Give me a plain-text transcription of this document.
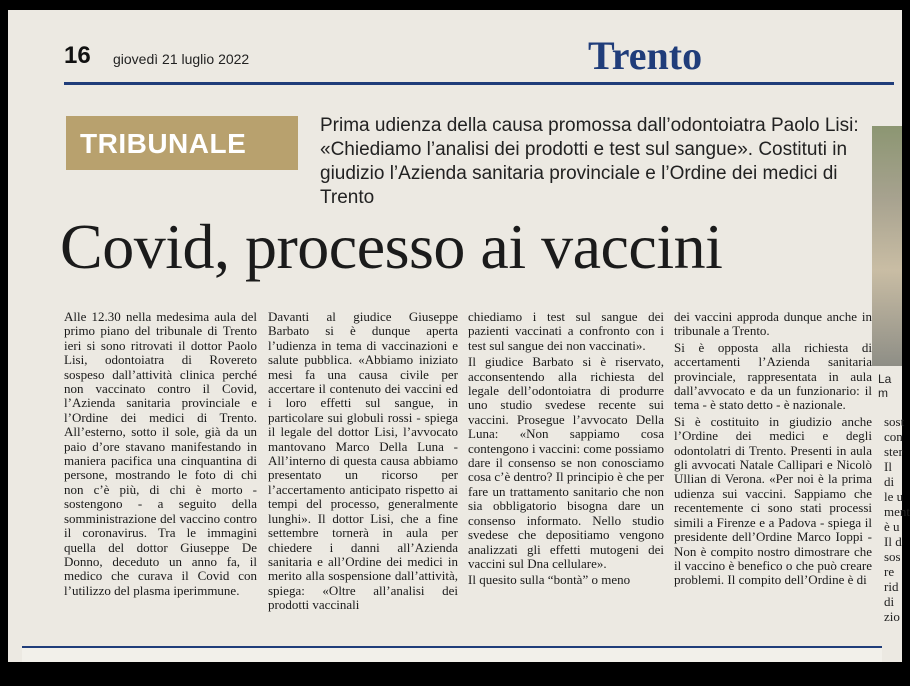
16 giovedì 21 luglio 2022	Trento
TRIBUNALE
Prima udienza della causa promossa dall’odontoiatra Paolo Lisi: «Chiediamo l’analisi dei prodotti e test sul sangue». Costituti in giudizio l’Azienda sanitaria provinciale e l’Ordine dei medici di Trento
Covid, processo ai vaccini

Alle 12.30 nella medesima aula del primo piano del tribunale di Trento ieri si sono ritrovati il dottor Paolo Lisi, odontoiatra di Rovereto sospeso dall’attività clinica perché non vaccinato contro il Covid, l’Azienda sanitaria provinciale e l’Ordine dei medici di Trento. All’esterno, sotto il sole, già da un paio d’ore stavano manifestando in maniera pacifica una cinquantina di persone, mostrando le foto di chi non c’è più, di chi è morto - sostengono - a seguito della somministrazione del vaccino contro il coronavirus. Tra le immagini quella del dottor Giuseppe De Donno, deceduto un anno fa, il medico che curava il Covid con l’utilizzo del plasma iperimmune.

Davanti al giudice Giuseppe Barbato si è dunque aperta l’udienza in tema di vaccinazioni e salute pubblica. «Abbiamo iniziato mesi fa una causa civile per accertare il contenuto dei vaccini ed i loro effetti sul sangue, in particolare sui globuli rossi - spiega il legale del dottor Lisi, l’avvocato mantovano Marco Della Luna - All’interno di questa causa abbiamo presentato un ricorso per l’accertamento anticipato rispetto ai tempi del processo, generalmente lunghi». Il dottor Lisi, che a fine settembre tornerà in aula per chiedere i danni all’Azienda sanitaria e all’Ordine dei medici in merito alla sospensione dall’attività, spiega: «Oltre all’analisi dei prodotti vaccinali

chiediamo i test sul sangue dei pazienti vaccinati a confronto con i test sul sangue dei non vaccinati».

Il giudice Barbato si è riservato, acconsentendo alla richiesta del legale dell’odontoiatra di produrre uno studio svedese recente sui vaccini. Prosegue l’avvocato Della Luna: «Non sappiamo cosa contengono i vaccini: come possiamo dare il consenso se non conosciamo cosa c’è dentro? Il principio è che per fare un trattamento sanitario che non sia obbligatorio bisogna dare un consenso informato. Nello studio svedese che depositiamo vengono analizzati gli effetti mutogeni dei vaccini sul Dna cellulare».

Il quesito sulla “bontà” o meno

dei vaccini approda dunque anche in tribunale a Trento.

Si è opposta alla richiesta di accertamenti l’Azienda sanitaria provinciale, rappresentata in aula dall’avvocato e da un funzionario: il tema - è stato detto - è nazionale.

Si è costituito in giudizio anche l’Ordine dei medici e degli odontolatri di Trento. Presenti in aula gli avvocati Natale Callipari e Nicolò Ullian di Verona. «Per noi è la prima udienza sui vaccini. Sappiamo che recentemente ci sono stati processi simili a Firenze e a Padova - spiega il presidente dell’Ordine Marco Ioppi - Non è compito nostro dimostrare che il vaccino è benefico o che può creare problemi. Il compito dell’Ordine è di

La m
sost con ster Il di le u ment è u Il d sos re rid di zio
